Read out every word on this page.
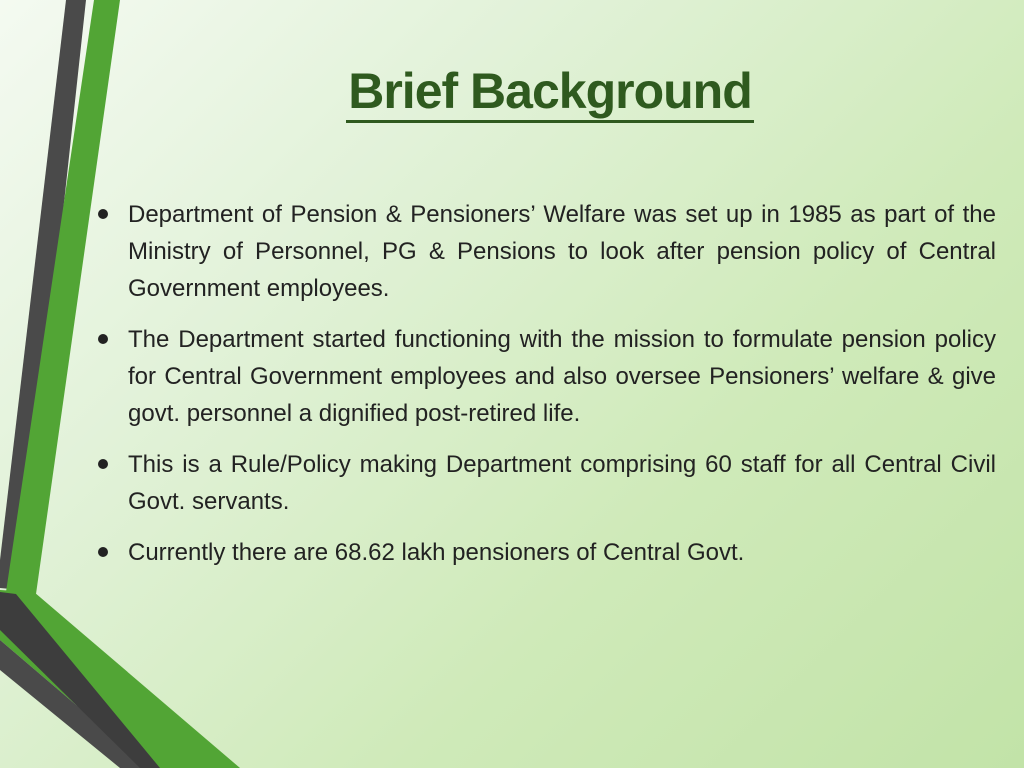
Brief Background
Department of Pension & Pensioners’ Welfare was set up in 1985 as part of the Ministry of Personnel, PG & Pensions to look after pension policy of Central Government employees.
The Department started functioning with the mission to formulate pension policy for Central Government employees and also oversee Pensioners’ welfare & give govt. personnel a dignified post-retired life.
This is a Rule/Policy making Department comprising 60 staff for all Central Civil Govt. servants.
Currently there are 68.62 lakh pensioners of Central Govt.
